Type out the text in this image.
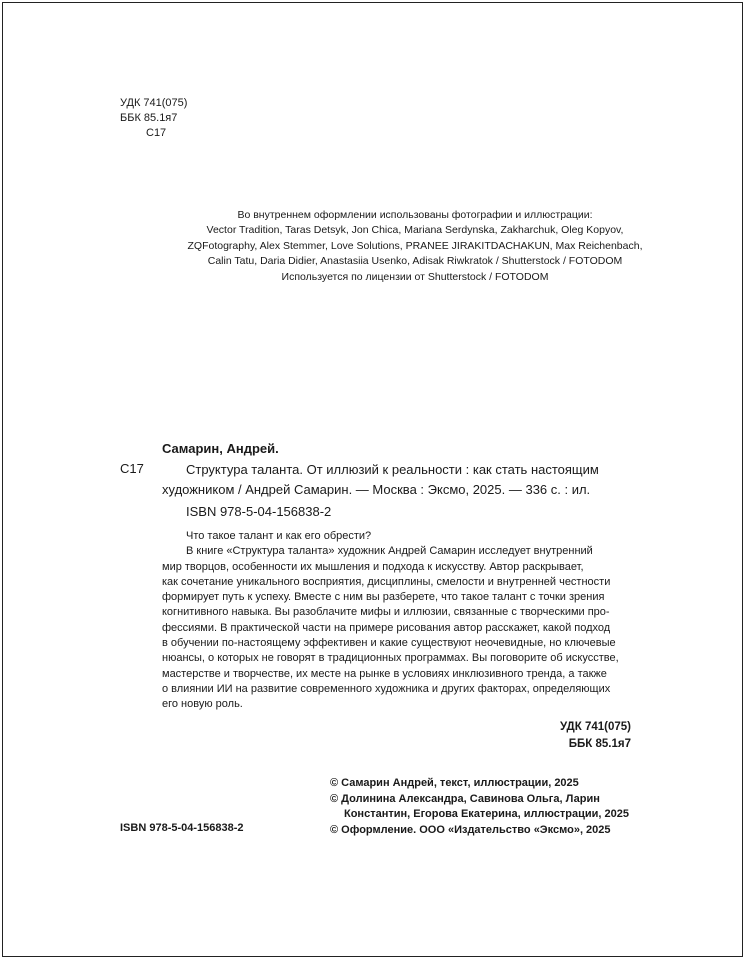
УДК 741(075)
ББК 85.1я7
С17
Во внутреннем оформлении использованы фотографии и иллюстрации:
Vector Tradition, Taras Detsyk, Jon Chica, Mariana Serdynska, Zakharchuk, Oleg Kopyov,
ZQFotography, Alex Stemmer, Love Solutions, PRANEE JIRAKITDACHAKUN, Max Reichenbach,
Calin Tatu, Daria Didier, Anastasiia Usenko, Adisak Riwkratok / Shutterstock / FOTODOM
Используется по лицензии от Shutterstock / FOTODOM
Самарин, Андрей.
С17	Структура таланта. От иллюзий к реальности : как стать настоящим
художником / Андрей Самарин. — Москва : Эксмо, 2025. — 336 с. : ил.
ISBN 978-5-04-156838-2
Что такое талант и как его обрести?
В книге «Структура таланта» художник Андрей Самарин исследует внутренний
мир творцов, особенности их мышления и подхода к искусству. Автор раскрывает,
как сочетание уникального восприятия, дисциплины, смелости и внутренней честности
формирует путь к успеху. Вместе с ним вы разберете, что такое талант с точки зрения
когнитивного навыка. Вы разоблачите мифы и иллюзии, связанные с творческими про-
фессиями. В практической части на примере рисования автор расскажет, какой подход
в обучении по-настоящему эффективен и какие существуют неочевидные, но ключевые
нюансы, о которых не говорят в традиционных программах. Вы поговорите об искусстве,
мастерстве и творчестве, их месте на рынке в условиях инклюзивного тренда, а также
о влиянии ИИ на развитие современного художника и других факторах, определяющих
его новую роль.
УДК 741(075)
ББК 85.1я7
© Самарин Андрей, текст, иллюстрации, 2025
© Долинина Александра, Савинова Ольга, Ларин
Константин, Егорова Екатерина, иллюстрации, 2025
© Оформление. ООО «Издательство «Эксмо», 2025
ISBN 978-5-04-156838-2
